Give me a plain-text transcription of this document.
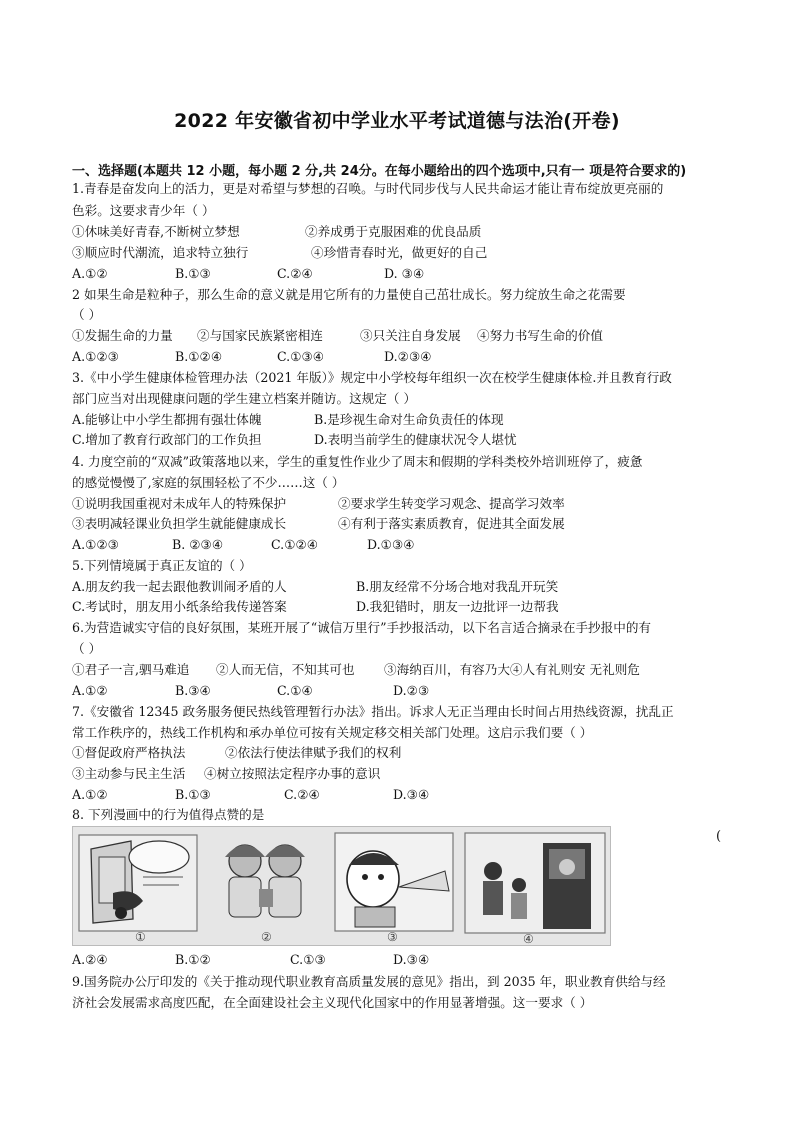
2022 年安徽省初中学业水平考试道德与法治(开卷)
一、选择题(本题共 12 小题，每小题 2 分,共 24分。在每小题给出的四个选项中,只有一 项是符合要求的)
1.青春是奋发向上的活力，更是对希望与梦想的召唤。与时代同步伐与人民共命运才能让青布绽放更亮丽的
色彩。这要求青少年（ ）
①休味美好青春,不断树立梦想	②养成勇于克服困难的优良品质
③顺应时代潮流，追求特立独行	④珍惜青春时光，做更好的自己
A.①②	B.①③	C.②④	D. ③④
2 如果生命是粒种子，那么生命的意义就是用它所有的力量使自己茁壮成长。努力绽放生命之花需要
（ ）
①发掘生命的力量 ②与国家民族紧密相连	③只关注自身发展 ④努力书写生命的价值
A.①②③	B.①②④	C.①③④	D.②③④
3.《中小学生健康体检管理办法（2021 年版）》规定中小学校每年组织一次在校学生健康体检.并且教育行政
部门应当对出现健康问题的学生建立档案并随访。这规定（ ）
A.能够让中小学生都拥有强壮体魄	B.是珍视生命对生命负责任的体现
C.增加了教育行政部门的工作负担	D.表明当前学生的健康状况令人堪忧
4. 力度空前的“双减”政策落地以来，学生的重复性作业少了周末和假期的学科类校外培训班停了，疲惫
的感觉慢慢了,家庭的氛围轻松了不少……这（ ）
①说明我国重视对未成年人的特殊保护	②要求学生转变学习观念、提高学习效率
③表明减轻课业负担学生就能健康成长	④有利于落实素质教育，促进其全面发展
A.①②③	B. ②③④	C.①②④	D.①③④
5.下列情境属于真正友谊的（ ）
A.朋友约我一起去跟他教训闹矛盾的人	B.朋友经常不分场合地对我乱开玩笑
C.考试时，朋友用小纸条给我传递答案	D.我犯错时，朋友一边批评一边帮我
6.为营造诚实守信的良好氛围，某班开展了“诚信万里行”手抄报活动，以下名言适合摘录在手抄报中的有
（ ）
①君子一言,驷马难追 ②人而无信，不知其可也 ③海纳百川，有容乃大④人有礼则安 无礼则危
A.①②	B.③④	C.①④	D.②③
7.《安徽省 12345 政务服务便民热线管理暂行办法》指出。诉求人无正当理由长时间占用热线资源，扰乱正
常工作秩序的，热线工作机构和承办单位可按有关规定移交相关部门处理。这启示我们要（ ）
①督促政府严格执法	②依法行使法律赋予我们的权利
③主动参与民主生活 ④树立按照法定程序办事的意识
A.①②	B.①③	C.②④	D.③④
8. 下列漫画中的行为值得点赞的是
①	②	③	④
(
A.②④	B.①②	C.①③	D.③④
9.国务院办公厅印发的《关于推动现代职业教育高质量发展的意见》指出，到 2035 年，职业教育供给与经
济社会发展需求高度匹配，在全面建设社会主义现代化国家中的作用显著增强。这一要求（ ）
